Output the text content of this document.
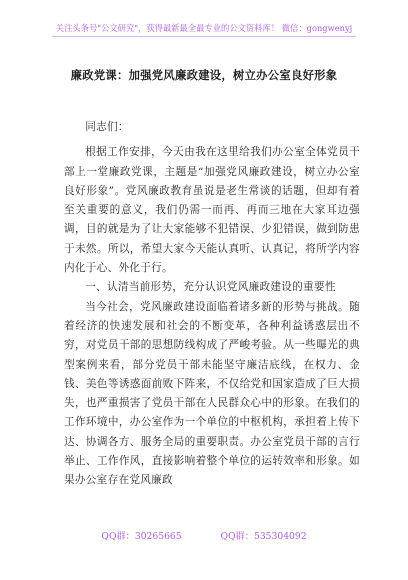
关注头条号"公文研究"，获得最新最全最专业的公文资料库！ 微信：gongwenyj
廉政党课：加强党风廉政建设，树立办公室良好形象

同志们：

根据工作安排，今天由我在这里给我们办公室全体党员干部上一堂廉政党课，主题是“加强党风廉政建设，树立办公室良好形象”。党风廉政教育虽说是老生常谈的话题，但却有着至关重要的意义，我们仍需一而再、再而三地在大家耳边强调，目的就是为了让大家能够不犯错误、少犯错误，做到防患于未然。所以，希望大家今天能认真听、认真记，将所学内容内化于心、外化于行。

一、认清当前形势，充分认识党风廉政建设的重要性

当今社会，党风廉政建设面临着诸多新的形势与挑战。随着经济的快速发展和社会的不断变革，各种利益诱惑层出不穷，对党员干部的思想防线构成了严峻考验。从一些曝光的典型案例来看，部分党员干部未能坚守廉洁底线，在权力、金钱、美色等诱惑面前败下阵来，不仅给党和国家造成了巨大损失，也严重损害了党员干部在人民群众心中的形象。在我们的工作环境中，办公室作为一个单位的中枢机构，承担着上传下达、协调各方、服务全局的重要职责。办公室党员干部的言行举止、工作作风，直接影响着整个单位的运转效率和形象。如果办公室存在党风廉政

QQ群：30265665	QQ群：535304092
